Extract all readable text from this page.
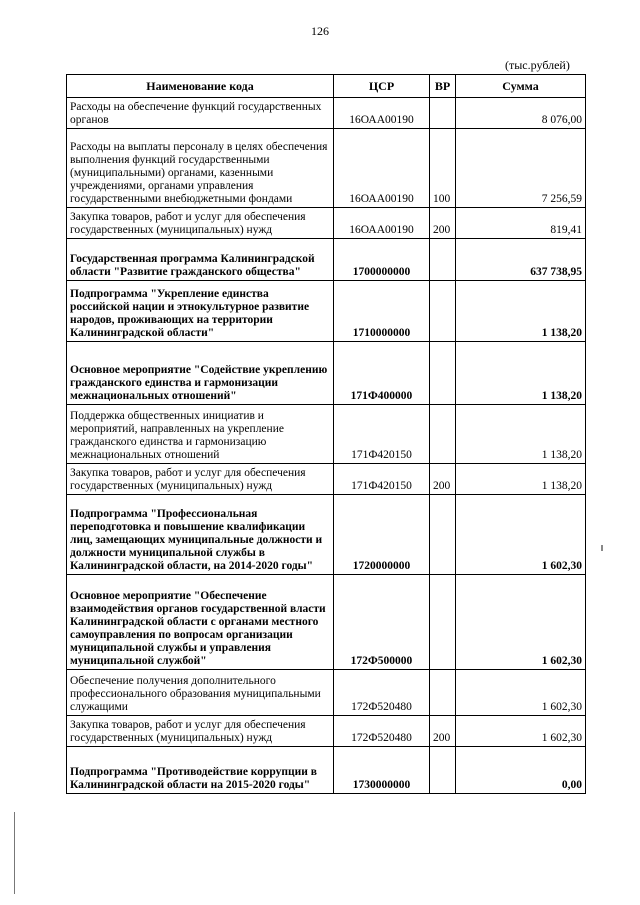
126
(тыс.рублей)
Наименование кода	ЦСР	ВР	Сумма
Расходы на обеспечение функций государственных органов	16ОАА00190		8 076,00
Расходы на выплаты персоналу в целях обеспечения выполнения функций государственными (муниципальными) органами, казенными учреждениями, органами управления государственными внебюджетными фондами	16ОАА00190	100	7 256,59
Закупка товаров, работ и услуг для обеспечения государственных (муниципальных) нужд	16ОАА00190	200	819,41
Государственная программа Калининградской области "Развитие гражданского общества"	1700000000		637 738,95
Подпрограмма "Укрепление единства российской нации и этнокультурное развитие народов, проживающих на территории Калининградской области"	1710000000		1 138,20
Основное мероприятие "Содействие укреплению гражданского единства и гармонизации межнациональных отношений"	171Ф400000		1 138,20
Поддержка общественных инициатив и мероприятий, направленных на укрепление гражданского единства и гармонизацию межнациональных отношений	171Ф420150		1 138,20
Закупка товаров, работ и услуг для обеспечения государственных (муниципальных) нужд	171Ф420150	200	1 138,20
Подпрограмма "Профессиональная переподготовка и повышение квалификации лиц, замещающих муниципальные должности и должности муниципальной службы в Калининградской области, на 2014-2020 годы"	1720000000		1 602,30
Основное мероприятие "Обеспечение взаимодействия органов государственной власти Калининградской области с органами местного самоуправления по вопросам организации муниципальной службы и управления муниципальной службой"	172Ф500000		1 602,30
Обеспечение получения дополнительного профессионального образования муниципальными служащими	172Ф520480		1 602,30
Закупка товаров, работ и услуг для обеспечения государственных (муниципальных) нужд	172Ф520480	200	1 602,30
Подпрограмма "Противодействие коррупции в Калининградской области на 2015-2020 годы"	1730000000		0,00
